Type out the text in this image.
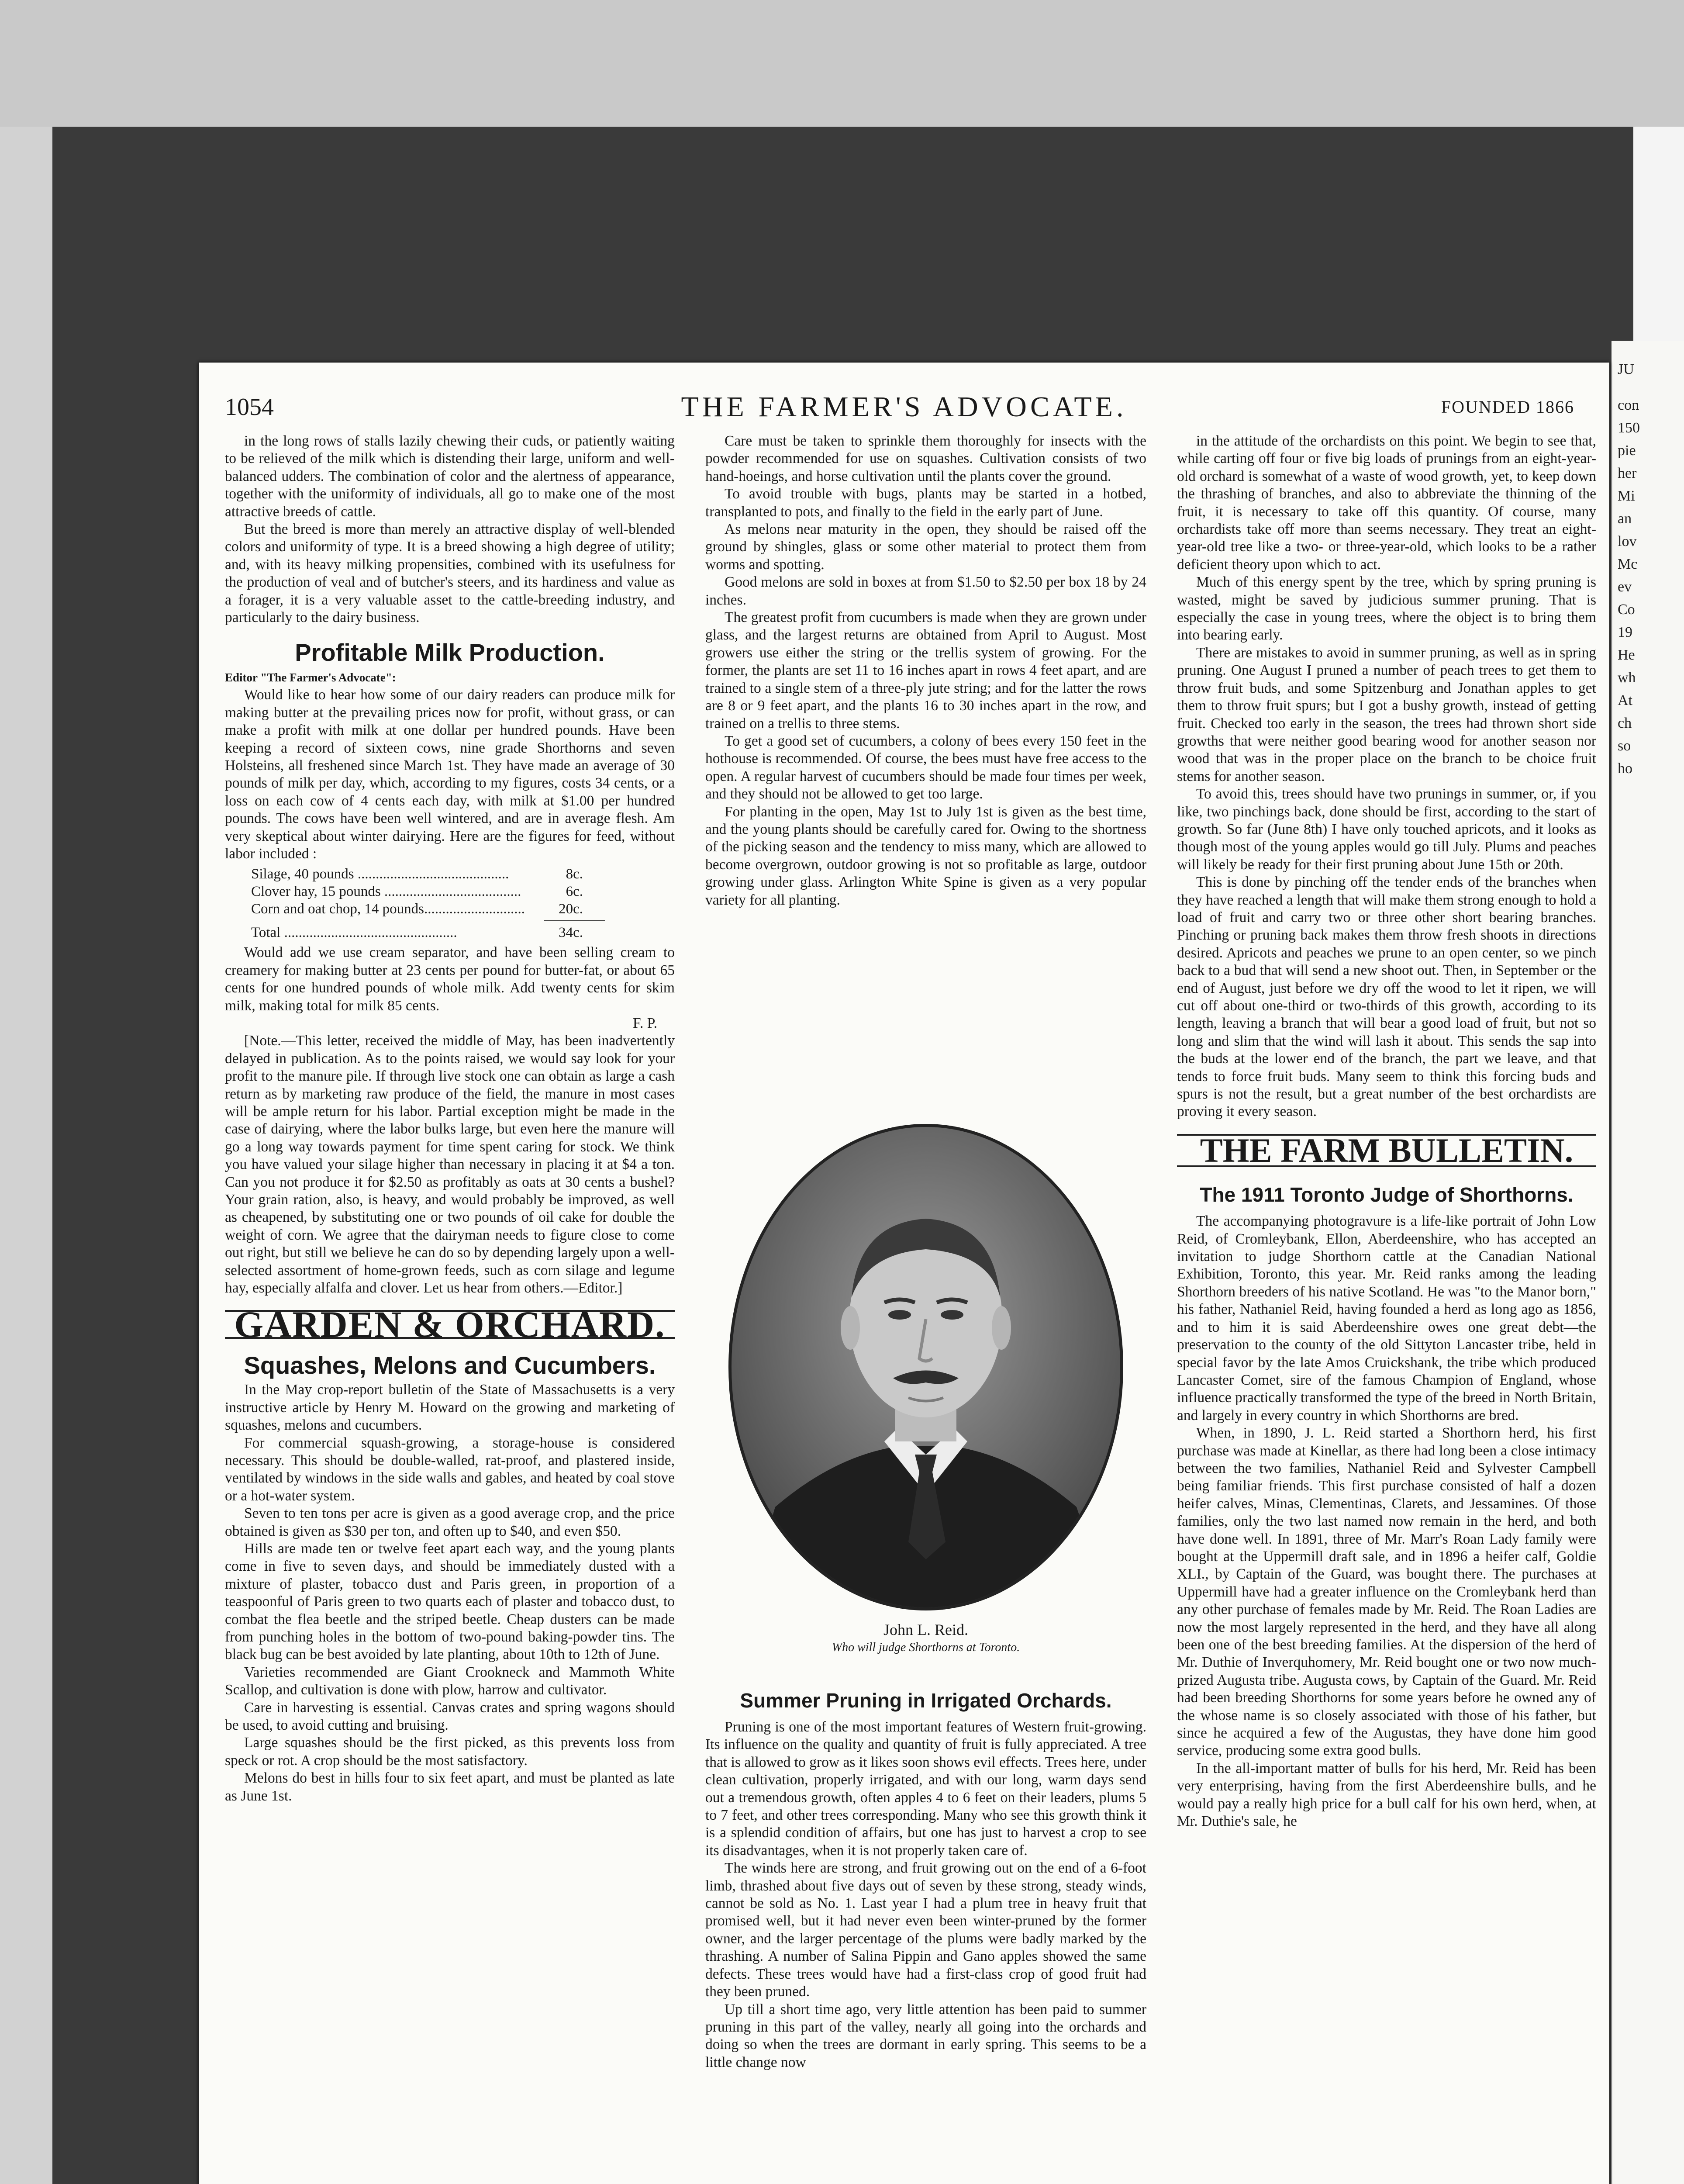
JU
con
150
pie
her
Mi
an
lov
Mc
ev
Co
19
He
wh
At
ch
so
ho
1054	THE FARMER'S ADVOCATE.	FOUNDED 1866

in the long rows of stalls lazily chewing their cuds, or patiently waiting to be relieved of the milk which is distending their large, uniform and well-balanced udders. The combination of color and the alertness of appearance, together with the uniformity of individuals, all go to make one of the most attractive breeds of cattle.

But the breed is more than merely an attractive display of well-blended colors and uniformity of type. It is a breed showing a high degree of utility; and, with its heavy milking propensities, combined with its usefulness for the production of veal and of butcher's steers, and its hardiness and value as a forager, it is a very valuable asset to the cattle-breeding industry, and particularly to the dairy business.

Profitable Milk Production.

Editor "The Farmer's Advocate":

Would like to hear how some of our dairy readers can produce milk for making butter at the prevailing prices now for profit, without grass, or can make a profit with milk at one dollar per hundred pounds. Have been keeping a record of sixteen cows, nine grade Shorthorns and seven Holsteins, all freshened since March 1st. They have made an average of 30 pounds of milk per day, which, according to my figures, costs 34 cents, or a loss on each cow of 4 cents each day, with milk at $1.00 per hundred pounds. The cows have been well wintered, and are in average flesh. Am very skeptical about winter dairying. Here are the figures for feed, without labor included :

Silage, 40 pounds ..........................................	8c.
Clover hay, 15 pounds ......................................	6c.
Corn and oat chop, 14 pounds............................	20c.
Total ................................................	34c.

Would add we use cream separator, and have been selling cream to creamery for making butter at 23 cents per pound for butter-fat, or about 65 cents for one hundred pounds of whole milk. Add twenty cents for skim milk, making total for milk 85 cents.

F. P.

[Note.—This letter, received the middle of May, has been inadvertently delayed in publication. As to the points raised, we would say look for your profit to the manure pile. If through live stock one can obtain as large a cash return as by marketing raw produce of the field, the manure in most cases will be ample return for his labor. Partial exception might be made in the case of dairying, where the labor bulks large, but even here the manure will go a long way towards payment for time spent caring for stock. We think you have valued your silage higher than necessary in placing it at $4 a ton. Can you not produce it for $2.50 as profitably as oats at 30 cents a bushel? Your grain ration, also, is heavy, and would probably be improved, as well as cheapened, by substituting one or two pounds of oil cake for double the weight of corn. We agree that the dairyman needs to figure close to come out right, but still we believe he can do so by depending largely upon a well-selected assortment of home-grown feeds, such as corn silage and legume hay, especially alfalfa and clover. Let us hear from others.—Editor.]

GARDEN & ORCHARD.
Squashes, Melons and Cucumbers.

In the May crop-report bulletin of the State of Massachusetts is a very instructive article by Henry M. Howard on the growing and marketing of squashes, melons and cucumbers.

For commercial squash-growing, a storage-house is considered necessary. This should be double-walled, rat-proof, and plastered inside, ventilated by windows in the side walls and gables, and heated by coal stove or a hot-water system.

Seven to ten tons per acre is given as a good average crop, and the price obtained is given as $30 per ton, and often up to $40, and even $50.

Hills are made ten or twelve feet apart each way, and the young plants come in five to seven days, and should be immediately dusted with a mixture of plaster, tobacco dust and Paris green, in proportion of a teaspoonful of Paris green to two quarts each of plaster and tobacco dust, to combat the flea beetle and the striped beetle. Cheap dusters can be made from punching holes in the bottom of two-pound baking-powder tins. The black bug can be best avoided by late planting, about 10th to 12th of June.

Varieties recommended are Giant Crookneck and Mammoth White Scallop, and cultivation is done with plow, harrow and cultivator.

Care in harvesting is essential. Canvas crates and spring wagons should be used, to avoid cutting and bruising.

Large squashes should be the first picked, as this prevents loss from speck or rot. A crop should be the most satisfactory.

Melons do best in hills four to six feet apart, and must be planted as late as June 1st.

Care must be taken to sprinkle them thoroughly for insects with the powder recommended for use on squashes. Cultivation consists of two hand-hoeings, and horse cultivation until the plants cover the ground.

To avoid trouble with bugs, plants may be started in a hotbed, transplanted to pots, and finally to the field in the early part of June.

As melons near maturity in the open, they should be raised off the ground by shingles, glass or some other material to protect them from worms and spotting.

Good melons are sold in boxes at from $1.50 to $2.50 per box 18 by 24 inches.

The greatest profit from cucumbers is made when they are grown under glass, and the largest returns are obtained from April to August. Most growers use either the string or the trellis system of growing. For the former, the plants are set 11 to 16 inches apart in rows 4 feet apart, and are trained to a single stem of a three-ply jute string; and for the latter the rows are 8 or 9 feet apart, and the plants 16 to 30 inches apart in the row, and trained on a trellis to three stems.

To get a good set of cucumbers, a colony of bees every 150 feet in the hothouse is recommended. Of course, the bees must have free access to the open. A regular harvest of cucumbers should be made four times per week, and they should not be allowed to get too large.

For planting in the open, May 1st to July 1st is given as the best time, and the young plants should be carefully cared for. Owing to the shortness of the picking season and the tendency to miss many, which are allowed to become overgrown, outdoor growing is not so profitable as large, outdoor growing under glass. Arlington White Spine is given as a very popular variety for all planting.

John L. Reid.
Who will judge Shorthorns at Toronto.
Summer Pruning in Irrigated Orchards.

Pruning is one of the most important features of Western fruit-growing. Its influence on the quality and quantity of fruit is fully appreciated. A tree that is allowed to grow as it likes soon shows evil effects. Trees here, under clean cultivation, properly irrigated, and with our long, warm days send out a tremendous growth, often apples 4 to 6 feet on their leaders, plums 5 to 7 feet, and other trees corresponding. Many who see this growth think it is a splendid condition of affairs, but one has just to harvest a crop to see its disadvantages, when it is not properly taken care of.

The winds here are strong, and fruit growing out on the end of a 6-foot limb, thrashed about five days out of seven by these strong, steady winds, cannot be sold as No. 1. Last year I had a plum tree in heavy fruit that promised well, but it had never even been winter-pruned by the former owner, and the larger percentage of the plums were badly marked by the thrashing. A number of Salina Pippin and Gano apples showed the same defects. These trees would have had a first-class crop of good fruit had they been pruned.

Up till a short time ago, very little attention has been paid to summer pruning in this part of the valley, nearly all going into the orchards and doing so when the trees are dormant in early spring. This seems to be a little change now

in the attitude of the orchardists on this point. We begin to see that, while carting off four or five big loads of prunings from an eight-year-old orchard is somewhat of a waste of wood growth, yet, to keep down the thrashing of branches, and also to abbreviate the thinning of the fruit, it is necessary to take off this quantity. Of course, many orchardists take off more than seems necessary. They treat an eight-year-old tree like a two- or three-year-old, which looks to be a rather deficient theory upon which to act.

Much of this energy spent by the tree, which by spring pruning is wasted, might be saved by judicious summer pruning. That is especially the case in young trees, where the object is to bring them into bearing early.

There are mistakes to avoid in summer pruning, as well as in spring pruning. One August I pruned a number of peach trees to get them to throw fruit buds, and some Spitzenburg and Jonathan apples to get them to throw fruit spurs; but I got a bushy growth, instead of getting fruit. Checked too early in the season, the trees had thrown short side growths that were neither good bearing wood for another season nor wood that was in the proper place on the branch to be choice fruit stems for another season.

To avoid this, trees should have two prunings in summer, or, if you like, two pinchings back, done should be first, according to the start of growth. So far (June 8th) I have only touched apricots, and it looks as though most of the young apples would go till July. Plums and peaches will likely be ready for their first pruning about June 15th or 20th.

This is done by pinching off the tender ends of the branches when they have reached a length that will make them strong enough to hold a load of fruit and carry two or three other short bearing branches. Pinching or pruning back makes them throw fresh shoots in directions desired. Apricots and peaches we prune to an open center, so we pinch back to a bud that will send a new shoot out. Then, in September or the end of August, just before we dry off the wood to let it ripen, we will cut off about one-third or two-thirds of this growth, according to its length, leaving a branch that will bear a good load of fruit, but not so long and slim that the wind will lash it about. This sends the sap into the buds at the lower end of the branch, the part we leave, and that tends to force fruit buds. Many seem to think this forcing buds and spurs is not the result, but a great number of the best orchardists are proving it every season.

THE FARM BULLETIN.
The 1911 Toronto Judge of Shorthorns.

The accompanying photogravure is a life-like portrait of John Low Reid, of Cromleybank, Ellon, Aberdeenshire, who has accepted an invitation to judge Shorthorn cattle at the Canadian National Exhibition, Toronto, this year. Mr. Reid ranks among the leading Shorthorn breeders of his native Scotland. He was "to the Manor born," his father, Nathaniel Reid, having founded a herd as long ago as 1856, and to him it is said Aberdeenshire owes one great debt—the preservation to the county of the old Sittyton Lancaster tribe, held in special favor by the late Amos Cruickshank, the tribe which produced Lancaster Comet, sire of the famous Champion of England, whose influence practically transformed the type of the breed in North Britain, and largely in every country in which Shorthorns are bred.

When, in 1890, J. L. Reid started a Shorthorn herd, his first purchase was made at Kinellar, as there had long been a close intimacy between the two families, Nathaniel Reid and Sylvester Campbell being familiar friends. This first purchase consisted of half a dozen heifer calves, Minas, Clementinas, Clarets, and Jessamines. Of those families, only the two last named now remain in the herd, and both have done well. In 1891, three of Mr. Marr's Roan Lady family were bought at the Uppermill draft sale, and in 1896 a heifer calf, Goldie XLI., by Captain of the Guard, was bought there. The purchases at Uppermill have had a greater influence on the Cromleybank herd than any other purchase of females made by Mr. Reid. The Roan Ladies are now the most largely represented in the herd, and they have all along been one of the best breeding families. At the dispersion of the herd of Mr. Duthie of Inverquhomery, Mr. Reid bought one or two now much-prized Augusta tribe. Augusta cows, by Captain of the Guard. Mr. Reid had been breeding Shorthorns for some years before he owned any of the whose name is so closely associated with those of his father, but since he acquired a few of the Augustas, they have done him good service, producing some extra good bulls.

In the all-important matter of bulls for his herd, Mr. Reid has been very enterprising, having from the first Aberdeenshire bulls, and he would pay a really high price for a bull calf for his own herd, when, at Mr. Duthie's sale, he
